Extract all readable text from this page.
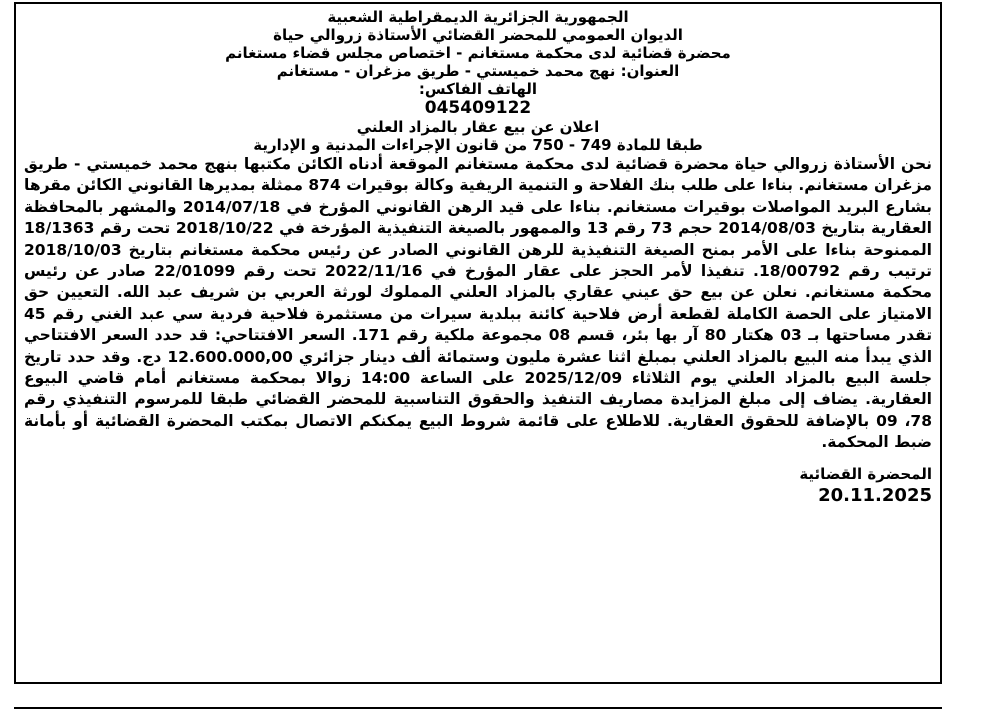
الجمهورية الجزائرية الديمقراطية الشعبية
الديوان العمومي للمحضر القضائي الأستاذة زروالي حياة
محضرة قضائية لدى محكمة مستغانم - اختصاص مجلس قضاء مستغانم
العنوان: نهج محمد خميستي - طريق مزغران - مستغانم
الهاتف الفاكس:
045409122
اعلان عن بيع عقار بالمزاد العلني
طبقا للمادة 749 - 750 من قانون الإجراءات المدنية و الإدارية

نحن الأستاذة زروالي حياة محضرة قضائية لدى محكمة مستغانم الموقعة أدناه الكائن مكتبها بنهج محمد خميستي - طريق مزغران مستغانم. بناءا على طلب بنك الفلاحة و التنمية الريفية وكالة بوقيرات 874 ممثلة بمديرها القانوني الكائن مقرها بشارع البريد المواصلات بوقيرات مستغانم. بناءا على قيد الرهن القانوني المؤرخ في 2014/07/18 والمشهر بالمحافظة العقارية بتاريخ 2014/08/03 حجم 73 رقم 13 والممهور بالصيغة التنفيذية المؤرخة في 2018/10/22 تحت رقم 18/1363 الممنوحة بناءا على الأمر بمنح الصيغة التنفيذية للرهن القانوني الصادر عن رئيس محكمة مستغانم بتاريخ 2018/10/03 ترتيب رقم 18/00792. تنفيذا لأمر الحجز على عقار المؤرخ في 2022/11/16 تحت رقم 22/01099 صادر عن رئيس محكمة مستغانم. نعلن عن بيع حق عيني عقاري بالمزاد العلني المملوك لورثة العربي بن شريف عبد الله. التعيين حق الامتياز على الحصة الكاملة لقطعة أرض فلاحية كائنة ببلدية سيرات من مستثمرة فلاحية فردية سي عبد الغني رقم 45 تقدر مساحتها بـ 03 هكتار 80 آر بها بئر، قسم 08 مجموعة ملكية رقم 171. السعر الافتتاحي: قد حدد السعر الافتتاحي الذي يبدأ منه البيع بالمزاد العلني بمبلغ اثنا عشرة مليون وستمائة ألف دينار جزائري 12.600.000,00 دج. وقد حدد تاريخ جلسة البيع بالمزاد العلني يوم الثلاثاء 2025/12/09 على الساعة 14:00 زوالا بمحكمة مستغانم أمام قاضي البيوع العقارية. يضاف إلى مبلغ المزايدة مصاريف التنفيذ والحقوق التناسبية للمحضر القضائي طبقا للمرسوم التنفيذي رقم 78، 09 بالإضافة للحقوق العقارية. للاطلاع على قائمة شروط البيع يمكنكم الاتصال بمكتب المحضرة القضائية أو بأمانة ضبط المحكمة.

المحضرة القضائية
20.11.2025
